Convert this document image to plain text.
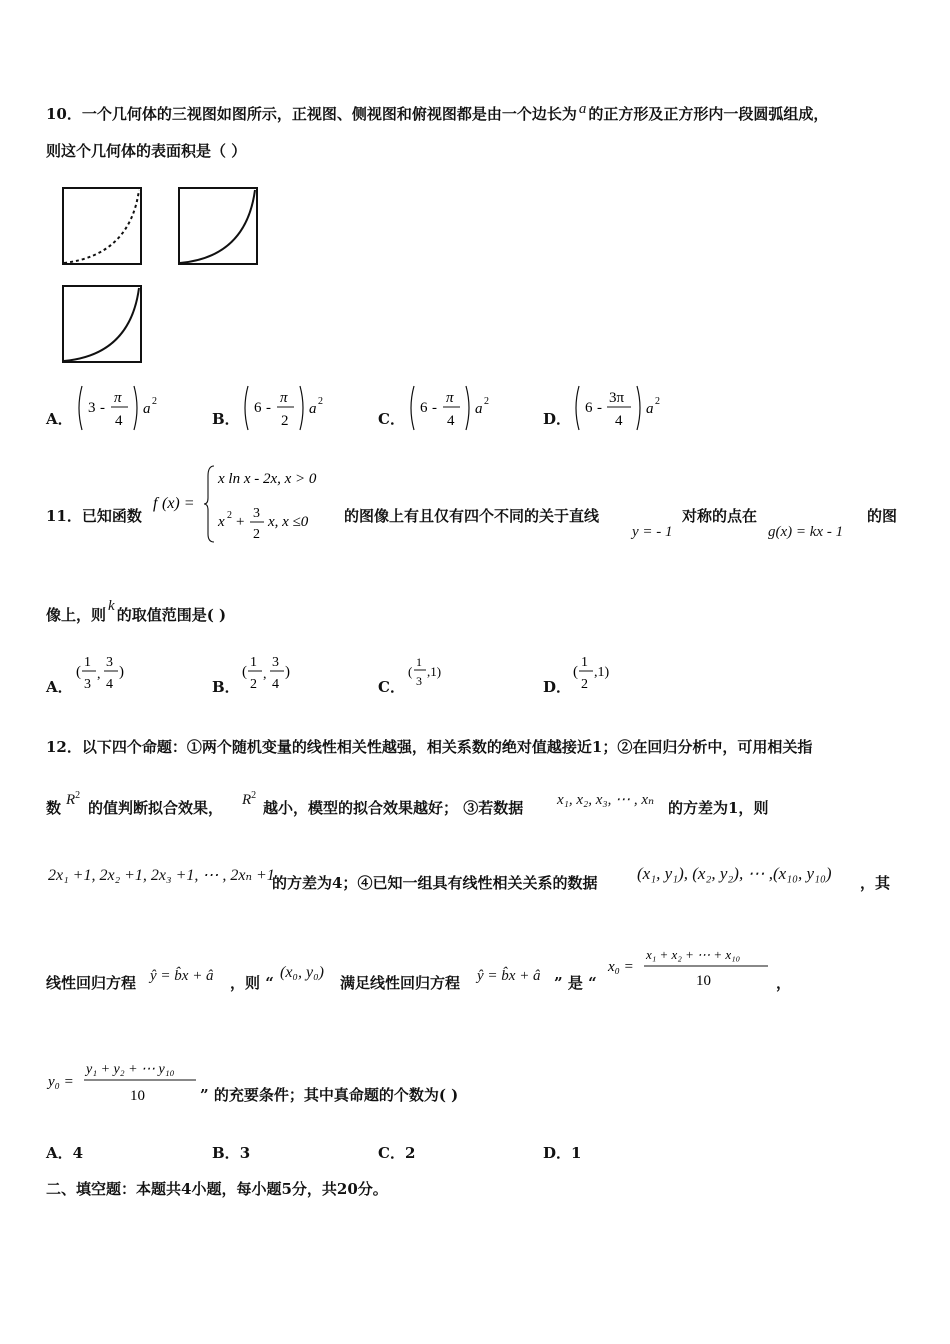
10．一个几何体的三视图如图所示，正视图、侧视图和俯视图都是由一个边长为 a 的正方形及正方形内一段圆弧组成，
则这个几何体的表面积是（ ）
A．
3 -
π
4
a 2
B．
6 -
π
2
a 2
C．
6 -
π
4
a 2
D．
6 -
3π
4
a 2
11．已知函数
f (x) =
x ln x - 2x, x > 0
x 2 +
3
2
x, x ≤0 的图像上有且仅有四个不同的关于直线
y = - 1
对称的点在
g(x) = kx - 1
的图
像上，则 k 的取值范围是( )
A．
(
1
3
,
3
4
)
B．
(
1
2
,
3
4
)
C．
(
1
3
,1)
D．
(
1
2
,1)
12．以下四个命题：①两个随机变量的线性相关性越强，相关系数的绝对值越接近1；②在回归分析中，可用相关指
数 $R^2$
的值判断拟合效果， $R^2$
越小，模型的拟合效果越好； ③若数据 x₁, x₂, x₃, ⋯ , xₙ 的方差为1，则
2x₁ +1, 2x₂ +1, 2x₃ +1, ⋯ , 2xₙ +1
的方差为4；④已知一组具有线性相关关系的数据 (x₁, y₁), (x₂, y₂), ⋯ ,(x₁₀, y₁₀) ，其
线性回归方程 ŷ = b̂x + â ，则 “
(x₀, y₀)
满足线性回归方程 ŷ = b̂x + â ” 是 “
x₀ =
x₁ + x₂ + ⋯ + x₁₀
10	，
y₀ =
y₁ + y₂ + ⋯ y₁₀
10	” 的充要条件；其中真命题的个数为( )
A．4	B．3	C．2	D．1
二、填空题：本题共4小题，每小题5分，共20分。
